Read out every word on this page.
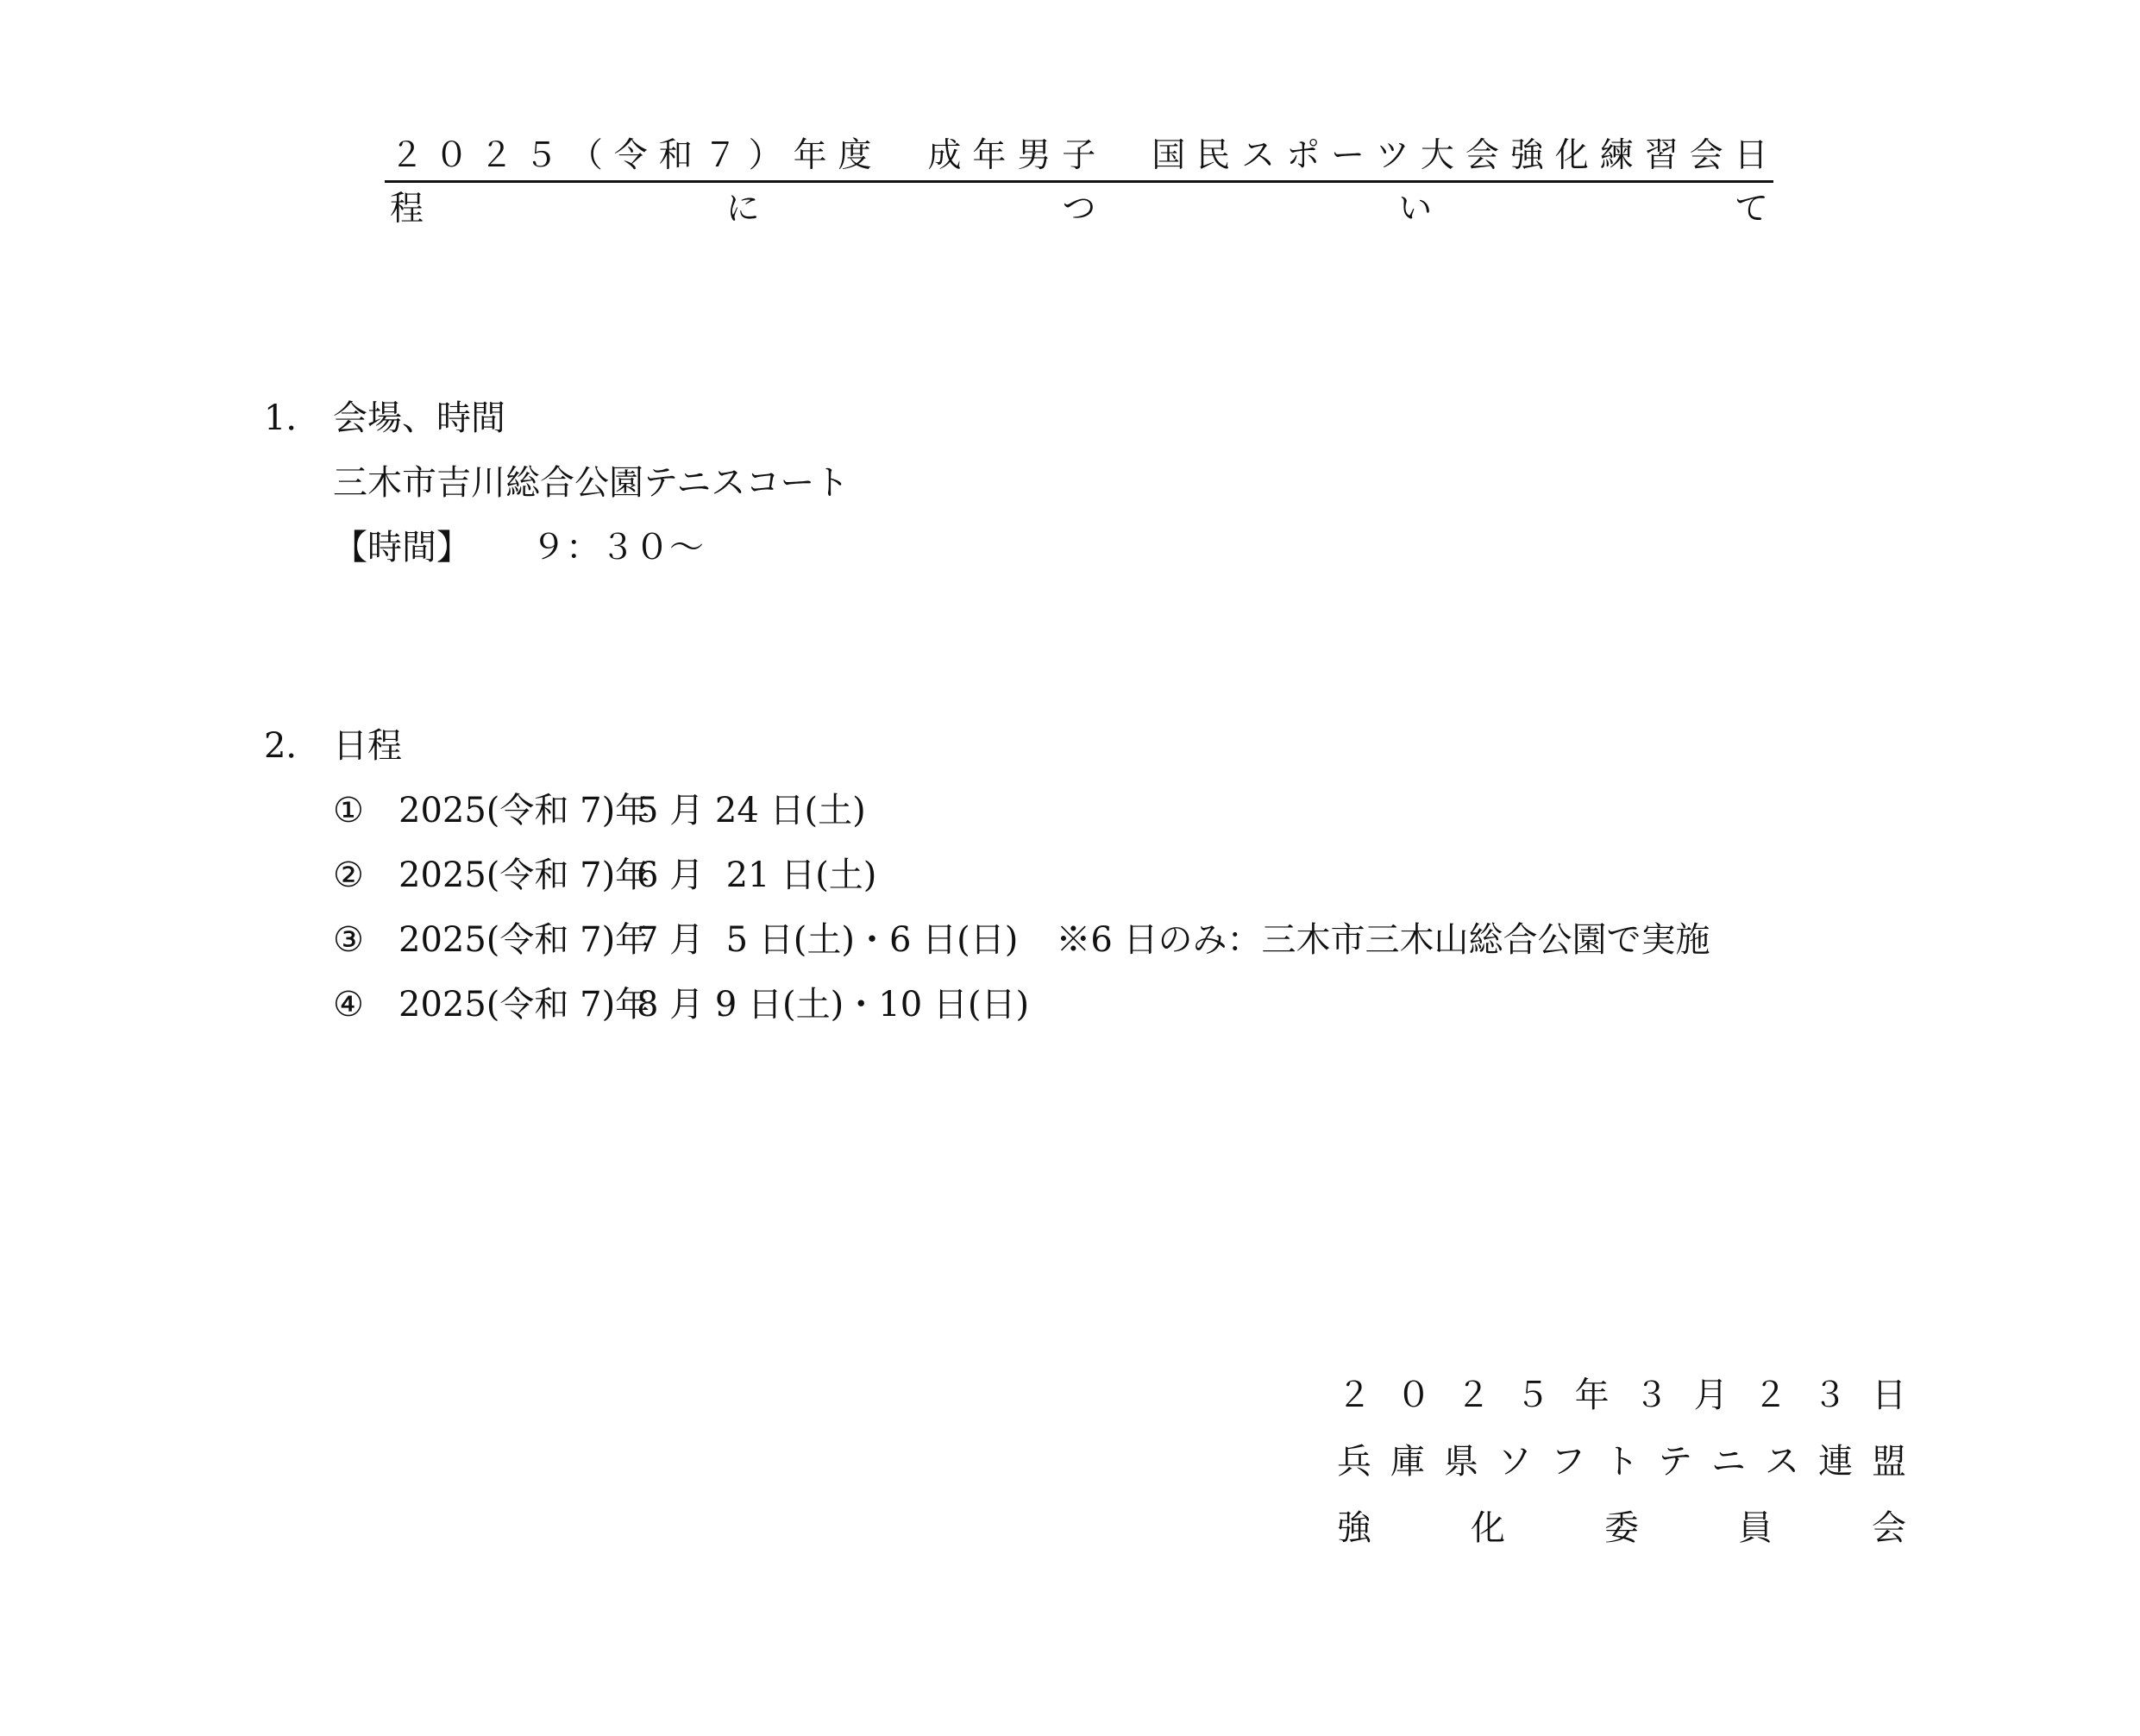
２ ０ ２ ５ （ 令 和 ７ ） 年 度 　 成 年 男 子 　 国 民 ス ポ ー ツ 大 会 強 化 練 習 会 日 程	に	つ	い	て
1． 会場、時間
三木市吉川総合公園テニスコート
【時間】 ９：３０〜
2． 日程
① 2025(令和 7)年5 月 24 日(土)
② 2025(令和 7)年6 月  21 日(土)
③ 2025(令和 7)年7 月  5 日(土)・6 日(日) ※6 日のみ：三木市三木山総合公園で実施
④ 2025(令和 7)年8 月 9 日(土)・10 日(日)
２ ０ ２ ５ 年 ３ 月 ２ ３ 日
兵 庫 県 ソ フ ト テ ニ ス 連 盟
強 化 委 員 会
